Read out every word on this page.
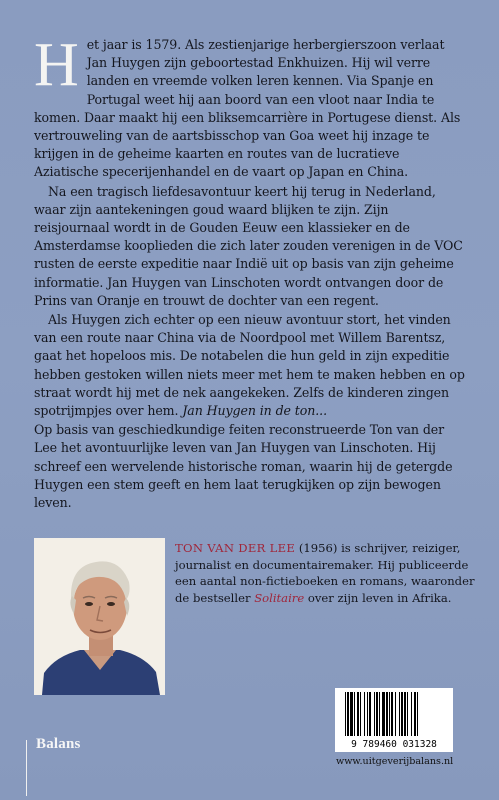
Het jaar is 1579. Als zestienjarige herbergierszoon verlaat Jan Huygen zijn geboortestad Enkhuizen. Hij wil verre landen en vreemde volken leren kennen. Via Spanje en Portugal weet hij aan boord van een vloot naar India te komen. Daar maakt hij een bliksemcarrière in Portugese dienst. Als vertrouweling van de aartsbisschop van Goa weet hij inzage te krijgen in de geheime kaarten en routes van de lucratieve Aziatische specerijenhandel en de vaart op Japan en China.

Na een tragisch liefdesavontuur keert hij terug in Nederland, waar zijn aantekeningen goud waard blijken te zijn. Zijn reisjournaal wordt in de Gouden Eeuw een klassieker en de Amsterdamse kooplieden die zich later zouden verenigen in de VOC rusten de eerste expeditie naar Indië uit op basis van zijn geheime informatie. Jan Huygen van Linschoten wordt ontvangen door de Prins van Oranje en trouwt de dochter van een regent.

Als Huygen zich echter op een nieuw avontuur stort, het vinden van een route naar China via de Noordpool met Willem Barentsz, gaat het hopeloos mis. De notabelen die hun geld in zijn expeditie hebben gestoken willen niets meer met hem te maken hebben en op straat wordt hij met de nek aangekeken. Zelfs de kinderen zingen spotrijmpjes over hem. Jan Huygen in de ton...

Op basis van geschiedkundige feiten reconstrueerde Ton van der Lee het avontuurlijke leven van Jan Huygen van Linschoten. Hij schreef een wervelende historische roman, waarin hij de getergde Huygen een stem geeft en hem laat terugkijken op zijn bewogen leven.

TON VAN DER LEE (1956) is schrijver, reiziger, journalist en documentairemaker. Hij publiceerde een aantal non-fictieboeken en romans, waaronder de bestseller Solitaire over zijn leven in Afrika.
Balans	9 789460 031328
www.uitgeverijbalans.nl
